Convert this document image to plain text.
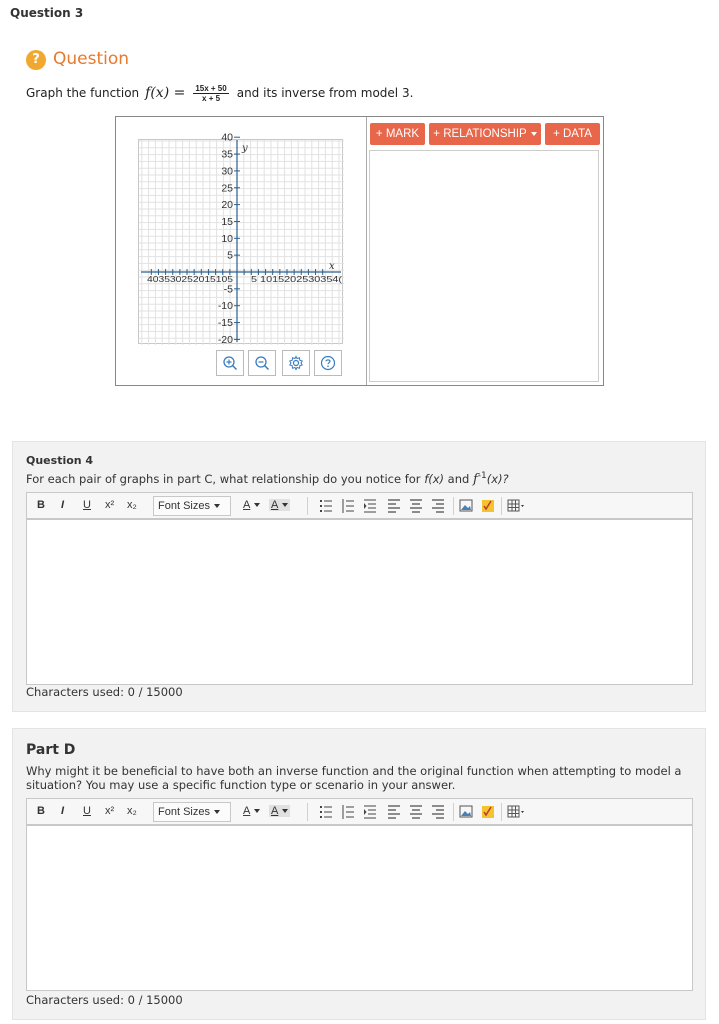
Question 3
? Question
Graph the function $f(x) = \frac{15x + 50}{x + 5}$ and its inverse from model 3.
40
35
30
25
20
15
10
5
-5
-10
-15
-20
403530252015105 5 1015202530354(
y
x
+ MARK	+ RELATIONSHIP	+ DATA
Question 4
For each pair of graphs in part C, what relationship do you notice for f(x) and $f^{-1}(x)$?
B I U x² x₂	Font Sizes	A	A
Characters used: 0 / 15000
Part D
Why might it be beneficial to have both an inverse function and the original function when attempting to model a
situation? You may use a specific function type or scenario in your answer.
B I U x² x₂	Font Sizes	A	A
Characters used: 0 / 15000
